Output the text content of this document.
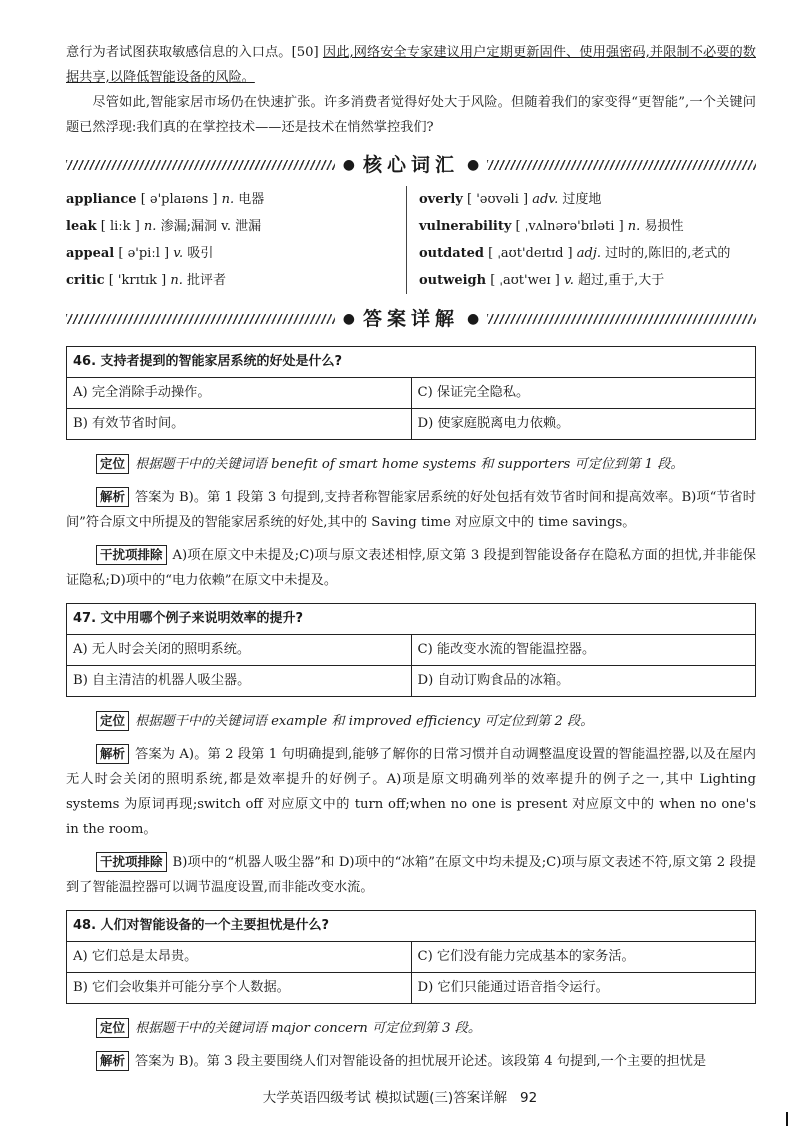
意行为者试图获取敏感信息的入口点。[50] 因此,网络安全专家建议用户定期更新固件、使用强密码,并限制不必要的数据共享,以降低智能设备的风险。

尽管如此,智能家居市场仍在快速扩张。许多消费者觉得好处大于风险。但随着我们的家变得“更智能”,一个关键问题已然浮现:我们真的在掌控技术——还是技术在悄然掌控我们?

● 核心词汇 ●
appliance [ ə'plaɪəns ] n. 电器
leak [ liːk ] n. 渗漏;漏洞 v. 泄漏
appeal [ ə'piːl ] v. 吸引
critic [ 'krɪtɪk ] n. 批评者
overly [ 'əʊvəli ] adv. 过度地
vulnerability [ ˌvʌlnərə'bɪləti ] n. 易损性
outdated [ ˌaʊt'deɪtɪd ] adj. 过时的,陈旧的,老式的
outweigh [ ˌaʊt'weɪ ] v. 超过,重于,大于
● 答案详解 ●
46. 支持者提到的智能家居系统的好处是什么?	
A) 完全消除手动操作。	C) 保证完全隐私。
B) 有效节省时间。	D) 使家庭脱离电力依赖。

定位 根据题干中的关键词语 benefit of smart home systems 和 supporters 可定位到第 1 段。

解析 答案为 B)。第 1 段第 3 句提到,支持者称智能家居系统的好处包括有效节省时间和提高效率。B)项“节省时间”符合原文中所提及的智能家居系统的好处,其中的 Saving time 对应原文中的 time savings。

干扰项排除 A)项在原文中未提及;C)项与原文表述相悖,原文第 3 段提到智能设备存在隐私方面的担忧,并非能保证隐私;D)项中的“电力依赖”在原文中未提及。

47. 文中用哪个例子来说明效率的提升?	
A) 无人时会关闭的照明系统。	C) 能改变水流的智能温控器。
B) 自主清洁的机器人吸尘器。	D) 自动订购食品的冰箱。

定位 根据题干中的关键词语 example 和 improved efficiency 可定位到第 2 段。

解析 答案为 A)。第 2 段第 1 句明确提到,能够了解你的日常习惯并自动调整温度设置的智能温控器,以及在屋内无人时会关闭的照明系统,都是效率提升的好例子。A)项是原文明确列举的效率提升的例子之一,其中 Lighting systems 为原词再现;switch off 对应原文中的 turn off;when no one is present 对应原文中的 when no one's in the room。

干扰项排除 B)项中的“机器人吸尘器”和 D)项中的“冰箱”在原文中均未提及;C)项与原文表述不符,原文第 2 段提到了智能温控器可以调节温度设置,而非能改变水流。

48. 人们对智能设备的一个主要担忧是什么?	
A) 它们总是太昂贵。	C) 它们没有能力完成基本的家务活。
B) 它们会收集并可能分享个人数据。	D) 它们只能通过语音指令运行。

定位 根据题干中的关键词语 major concern 可定位到第 3 段。

解析 答案为 B)。第 3 段主要围绕人们对智能设备的担忧展开论述。该段第 4 句提到,一个主要的担忧是

大学英语四级考试 模拟试题(三)答案详解 92
